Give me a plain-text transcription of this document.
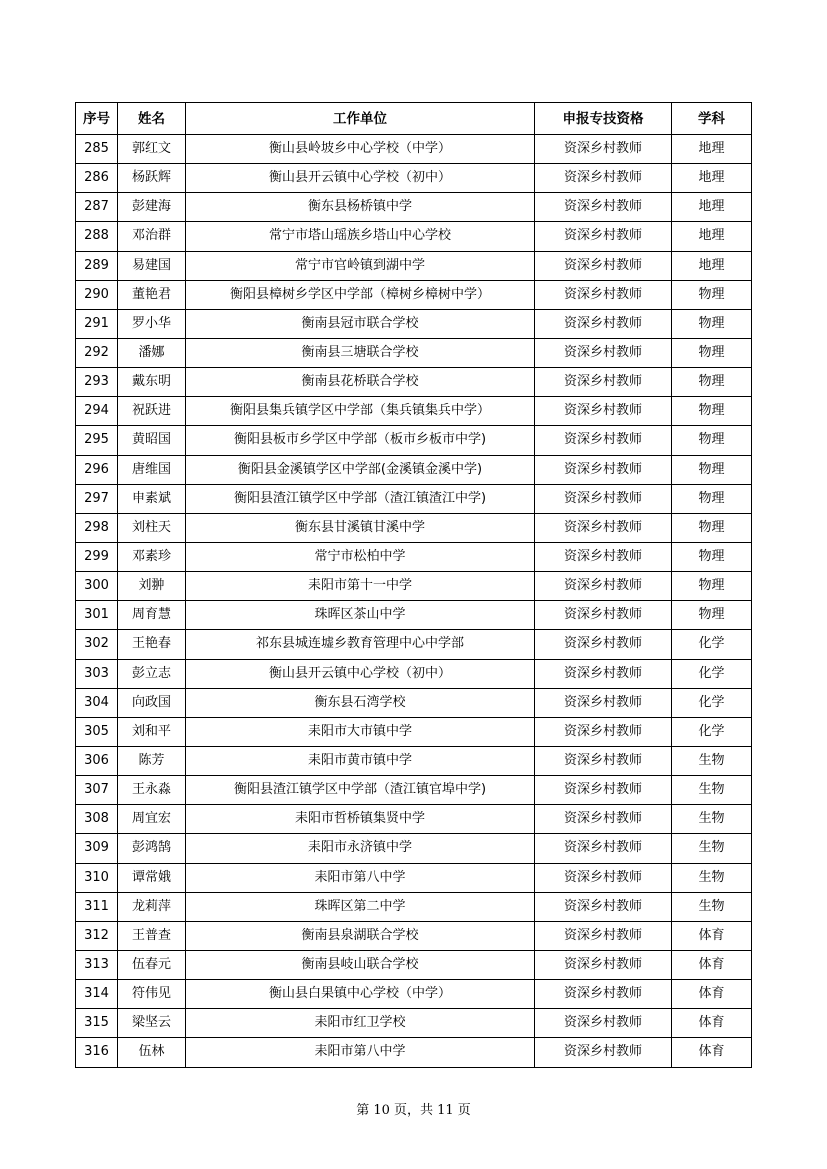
序号	姓名	工作单位	申报专技资格	学科
285	郭红文	衡山县岭坡乡中心学校（中学）	资深乡村教师	地理
286	杨跃辉	衡山县开云镇中心学校（初中）	资深乡村教师	地理
287	彭建海	衡东县杨桥镇中学	资深乡村教师	地理
288	邓治群	常宁市塔山瑶族乡塔山中心学校	资深乡村教师	地理
289	易建国	常宁市官岭镇到湖中学	资深乡村教师	地理
290	董艳君	衡阳县樟树乡学区中学部（樟树乡樟树中学）	资深乡村教师	物理
291	罗小华	衡南县冠市联合学校	资深乡村教师	物理
292	潘娜	衡南县三塘联合学校	资深乡村教师	物理
293	戴东明	衡南县花桥联合学校	资深乡村教师	物理
294	祝跃进	衡阳县集兵镇学区中学部（集兵镇集兵中学）	资深乡村教师	物理
295	黄昭国	衡阳县板市乡学区中学部（板市乡板市中学)	资深乡村教师	物理
296	唐维国	衡阳县金溪镇学区中学部(金溪镇金溪中学)	资深乡村教师	物理
297	申素斌	衡阳县渣江镇学区中学部（渣江镇渣江中学)	资深乡村教师	物理
298	刘柱天	衡东县甘溪镇甘溪中学	资深乡村教师	物理
299	邓素珍	常宁市松柏中学	资深乡村教师	物理
300	刘翀	耒阳市第十一中学	资深乡村教师	物理
301	周育慧	珠晖区茶山中学	资深乡村教师	物理
302	王艳春	祁东县城连墟乡教育管理中心中学部	资深乡村教师	化学
303	彭立志	衡山县开云镇中心学校（初中）	资深乡村教师	化学
304	向政国	衡东县石湾学校	资深乡村教师	化学
305	刘和平	耒阳市大市镇中学	资深乡村教师	化学
306	陈芳	耒阳市黄市镇中学	资深乡村教师	生物
307	王永淼	衡阳县渣江镇学区中学部（渣江镇官埠中学)	资深乡村教师	生物
308	周宜宏	耒阳市哲桥镇集贤中学	资深乡村教师	生物
309	彭鸿鹄	耒阳市永济镇中学	资深乡村教师	生物
310	谭常娥	耒阳市第八中学	资深乡村教师	生物
311	龙莉萍	珠晖区第二中学	资深乡村教师	生物
312	王普查	衡南县泉湖联合学校	资深乡村教师	体育
313	伍春元	衡南县岐山联合学校	资深乡村教师	体育
314	符伟见	衡山县白果镇中心学校（中学）	资深乡村教师	体育
315	梁坚云	耒阳市红卫学校	资深乡村教师	体育
316	伍林	耒阳市第八中学	资深乡村教师	体育
第 10 页，共 11 页
